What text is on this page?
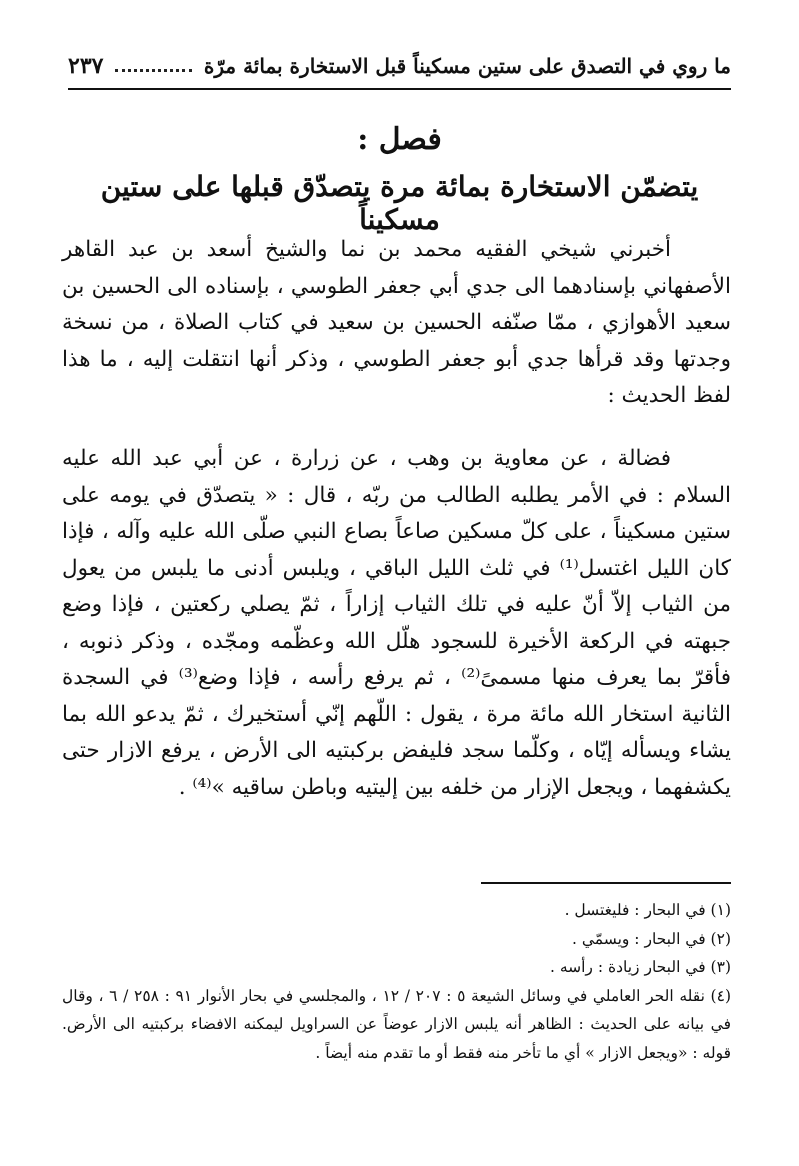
ما روي في التصدق على ستين مسكيناً قبل الاستخارة بمائة مرّة
٢٣٧
فصل :
يتضمّن الاستخارة بمائة مرة يتصدّق قبلها على ستين مسكيناً

أخبرني شيخي الفقيه محمد بن نما والشيخ أسعد بن عبد القاهر الأصفهاني بإسنادهما الى جدي أبي جعفر الطوسي ، بإسناده الى الحسين بن سعيد الأهوازي ، ممّا صنّفه الحسين بن سعيد في كتاب الصلاة ، من نسخة وجدتها وقد قرأها جدي أبو جعفر الطوسي ، وذكر أنها انتقلت إليه ، ما هذا لفظ الحديث :

فضالة ، عن معاوية بن وهب ، عن زرارة ، عن أبي عبد الله عليه السلام : في الأمر يطلبه الطالب من ربّه ، قال : « يتصدّق في يومه على ستين مسكيناً ، على كلّ مسكين صاعاً بصاع النبي صلّى الله عليه وآله ، فإذا كان الليل اغتسل⁽¹⁾ في ثلث الليل الباقي ، ويلبس أدنى ما يلبس من يعول من الثياب إلاّ أنّ عليه في تلك الثياب إزاراً ، ثمّ يصلي ركعتين ، فإذا وضع جبهته في الركعة الأخيرة للسجود هلّل الله وعظّمه ومجّده ، وذكر ذنوبه ، فأقرّ بما يعرف منها مسمىً⁽²⁾ ، ثم يرفع رأسه ، فإذا وضع⁽³⁾ في السجدة الثانية استخار الله مائة مرة ، يقول : اللّهم إنّي أستخيرك ، ثمّ يدعو الله بما يشاء ويسأله إيّاه ، وكلّما سجد فليفض بركبتيه الى الأرض ، يرفع الازار حتى يكشفهما ، ويجعل الإزار من خلفه بين إليتيه وباطن ساقيه »⁽⁴⁾ .

(١) في البحار : فليغتسل .

(٢) في البحار : ويسمّي .

(٣) في البحار زيادة : رأسه .

(٤) نقله الحر العاملي في وسائل الشيعة ٥ : ٢٠٧ / ١٢ ، والمجلسي في بحار الأنوار ٩١ : ٢٥٨ / ٦ ، وقال في بيانه على الحديث : الظاهر أنه يلبس الازار عوضاً عن السراويل ليمكنه الافضاء بركبتيه الى الأرض. قوله : «ويجعل الازار » أي ما تأخر منه فقط أو ما تقدم منه أيضاً .
